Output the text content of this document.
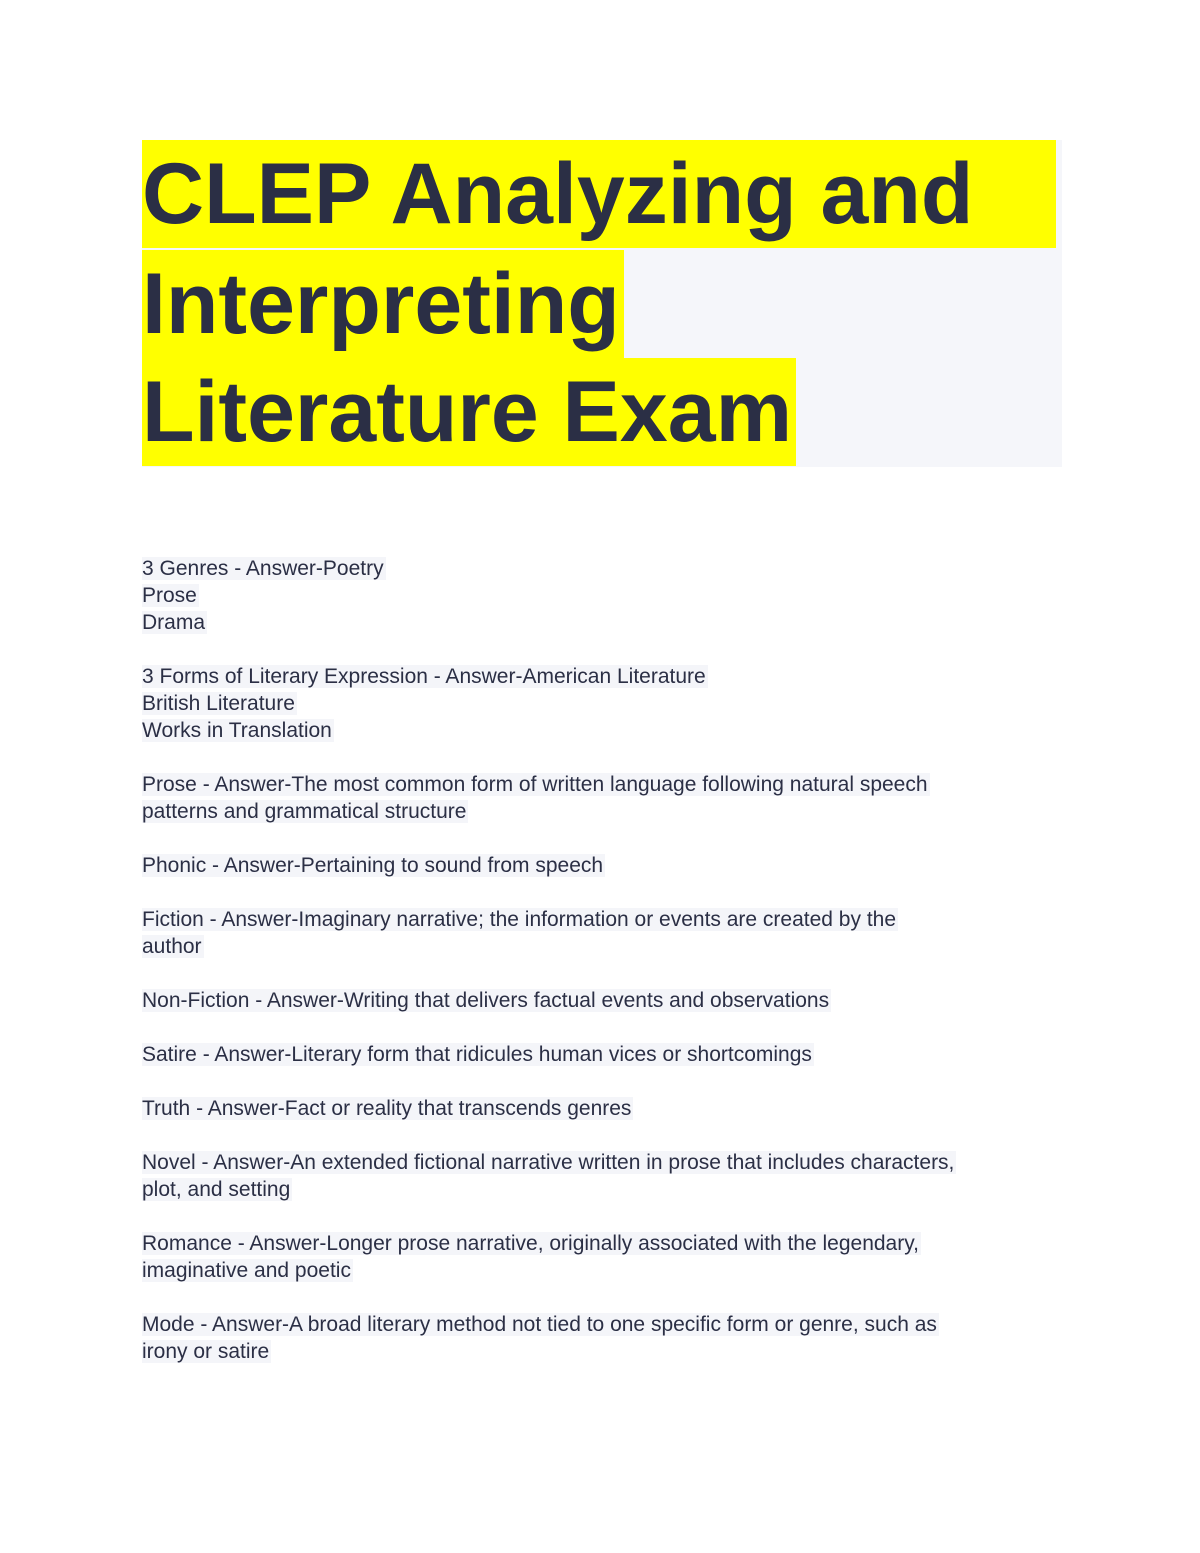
CLEP Analyzing and
Interpreting
Literature Exam
3 Genres - Answer-Poetry
Prose
Drama
3 Forms of Literary Expression - Answer-American Literature
British Literature
Works in Translation
Prose - Answer-The most common form of written language following natural speech
patterns and grammatical structure
Phonic - Answer-Pertaining to sound from speech
Fiction - Answer-Imaginary narrative; the information or events are created by the
author
Non-Fiction - Answer-Writing that delivers factual events and observations
Satire - Answer-Literary form that ridicules human vices or shortcomings
Truth - Answer-Fact or reality that transcends genres
Novel - Answer-An extended fictional narrative written in prose that includes characters,
plot, and setting
Romance - Answer-Longer prose narrative, originally associated with the legendary,
imaginative and poetic
Mode - Answer-A broad literary method not tied to one specific form or genre, such as
irony or satire
